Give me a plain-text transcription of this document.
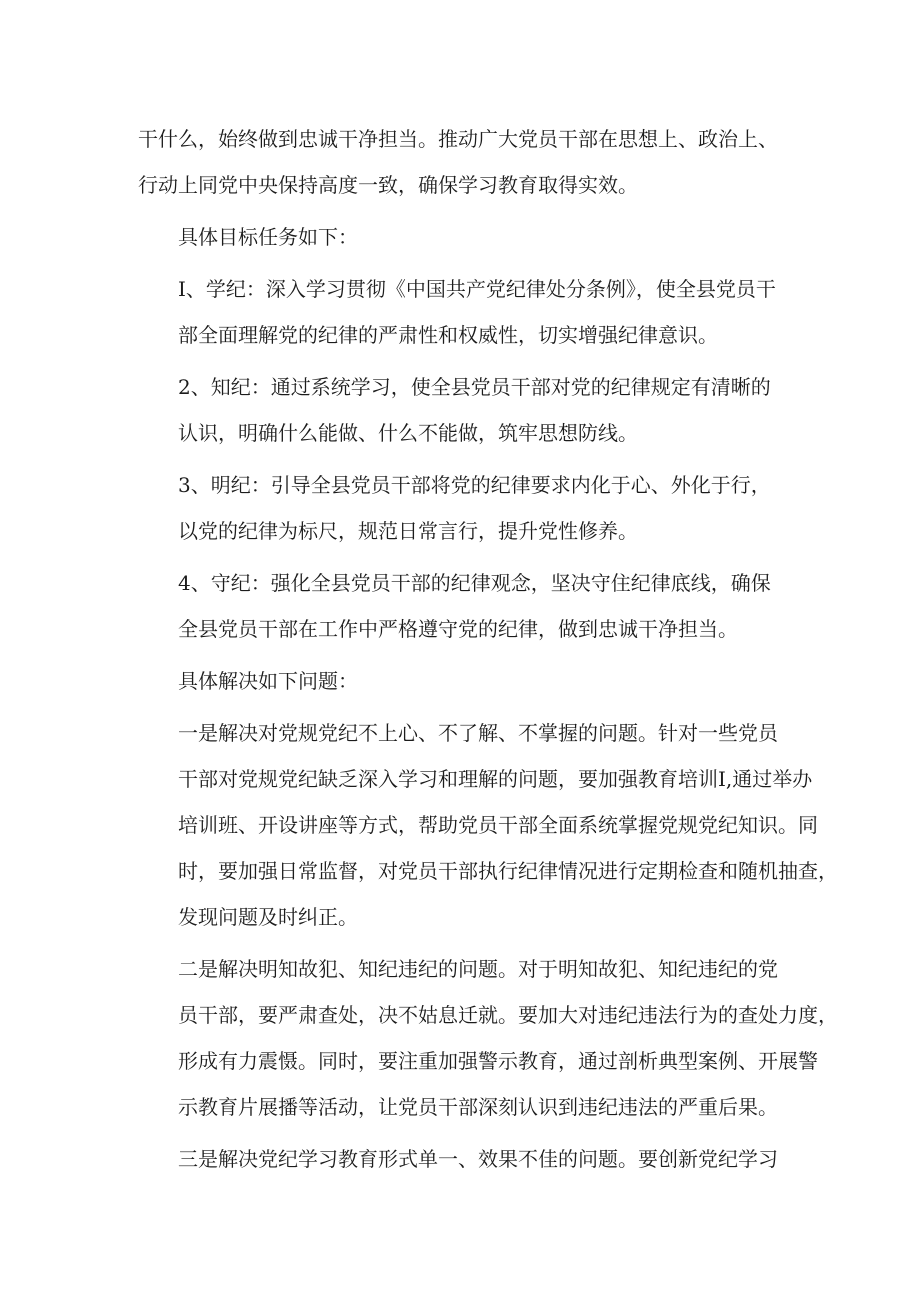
干什么，始终做到忠诚干净担当。推动广大党员干部在思想上、政治上、
行动上同党中央保持高度一致，确保学习教育取得实效。

具体目标任务如下：

I、学纪：深入学习贯彻《中国共产党纪律处分条例》，使全县党员干
部全面理解党的纪律的严肃性和权威性，切实增强纪律意识。

2、知纪：通过系统学习，使全县党员干部对党的纪律规定有清晰的
认识，明确什么能做、什么不能做，筑牢思想防线。

3、明纪：引导全县党员干部将党的纪律要求内化于心、外化于行，
以党的纪律为标尺，规范日常言行，提升党性修养。

4、守纪：强化全县党员干部的纪律观念，坚决守住纪律底线，确保
全县党员干部在工作中严格遵守党的纪律，做到忠诚干净担当。

具体解决如下问题：

一是解决对党规党纪不上心、不了解、不掌握的问题。针对一些党员
干部对党规党纪缺乏深入学习和理解的问题，要加强教育培训I,通过举办
培训班、开设讲座等方式，帮助党员干部全面系统掌握党规党纪知识。同
时，要加强日常监督，对党员干部执行纪律情况进行定期检查和随机抽查，
发现问题及时纠正。

二是解决明知故犯、知纪违纪的问题。对于明知故犯、知纪违纪的党
员干部，要严肃查处，决不姑息迁就。要加大对违纪违法行为的查处力度，
形成有力震慑。同时，要注重加强警示教育，通过剖析典型案例、开展警
示教育片展播等活动，让党员干部深刻认识到违纪违法的严重后果。

三是解决党纪学习教育形式单一、效果不佳的问题。要创新党纪学习
